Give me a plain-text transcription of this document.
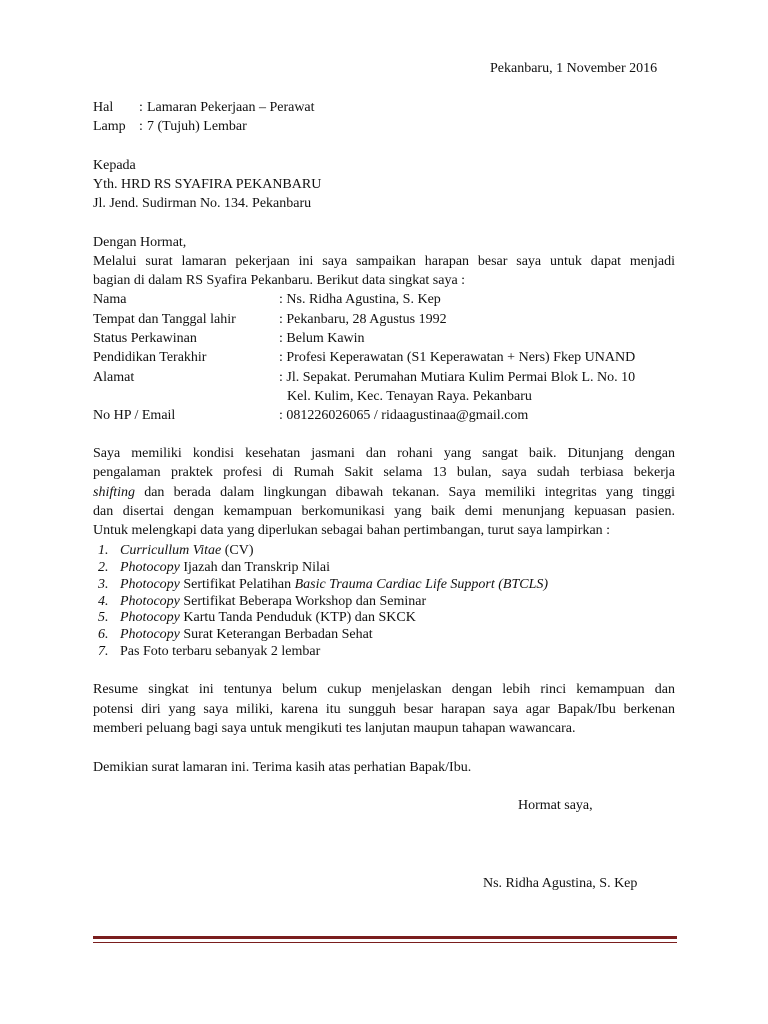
Pekanbaru, 1 November 2016
Hal : Lamaran Pekerjaan – Perawat
Lamp : 7 (Tujuh) Lembar
Kepada
Yth. HRD RS SYAFIRA PEKANBARU
Jl. Jend. Sudirman No. 134. Pekanbaru
Dengan Hormat,
Melalui surat lamaran pekerjaan ini saya sampaikan harapan besar saya untuk dapat menjadi
bagian di dalam RS Syafira Pekanbaru. Berikut data singkat saya :
Nama	: Ns. Ridha Agustina, S. Kep
Tempat dan Tanggal lahir	: Pekanbaru, 28 Agustus 1992
Status Perkawinan	: Belum Kawin
Pendidikan Terakhir	: Profesi Keperawatan (S1 Keperawatan + Ners) Fkep UNAND
Alamat	: Jl. Sepakat. Perumahan Mutiara Kulim Permai Blok L. No. 10
Kel. Kulim, Kec. Tenayan Raya. Pekanbaru
No HP / Email	: 081226026065 / ridaagustinaa@gmail.com
Saya memiliki kondisi kesehatan jasmani dan rohani yang sangat baik. Ditunjang dengan
pengalaman praktek profesi di Rumah Sakit selama 13 bulan, saya sudah terbiasa bekerja
shifting dan berada dalam lingkungan dibawah tekanan. Saya memiliki integritas yang tinggi
dan disertai dengan kemampuan berkomunikasi yang baik demi menunjang kepuasan pasien.
Untuk melengkapi data yang diperlukan sebagai bahan pertimbangan, turut saya lampirkan :
1. Curricullum Vitae (CV)
2. Photocopy Ijazah dan Transkrip Nilai
3. Photocopy Sertifikat Pelatihan Basic Trauma Cardiac Life Support (BTCLS)
4. Photocopy Sertifikat Beberapa Workshop dan Seminar
5. Photocopy Kartu Tanda Penduduk (KTP) dan SKCK
6. Photocopy Surat Keterangan Berbadan Sehat
7. Pas Foto terbaru sebanyak 2 lembar
Resume singkat ini tentunya belum cukup menjelaskan dengan lebih rinci kemampuan dan
potensi diri yang saya miliki, karena itu sungguh besar harapan saya agar Bapak/Ibu berkenan
memberi peluang bagi saya untuk mengikuti tes lanjutan maupun tahapan wawancara.
Demikian surat lamaran ini. Terima kasih atas perhatian Bapak/Ibu.
Hormat saya,
Ns. Ridha Agustina, S. Kep
